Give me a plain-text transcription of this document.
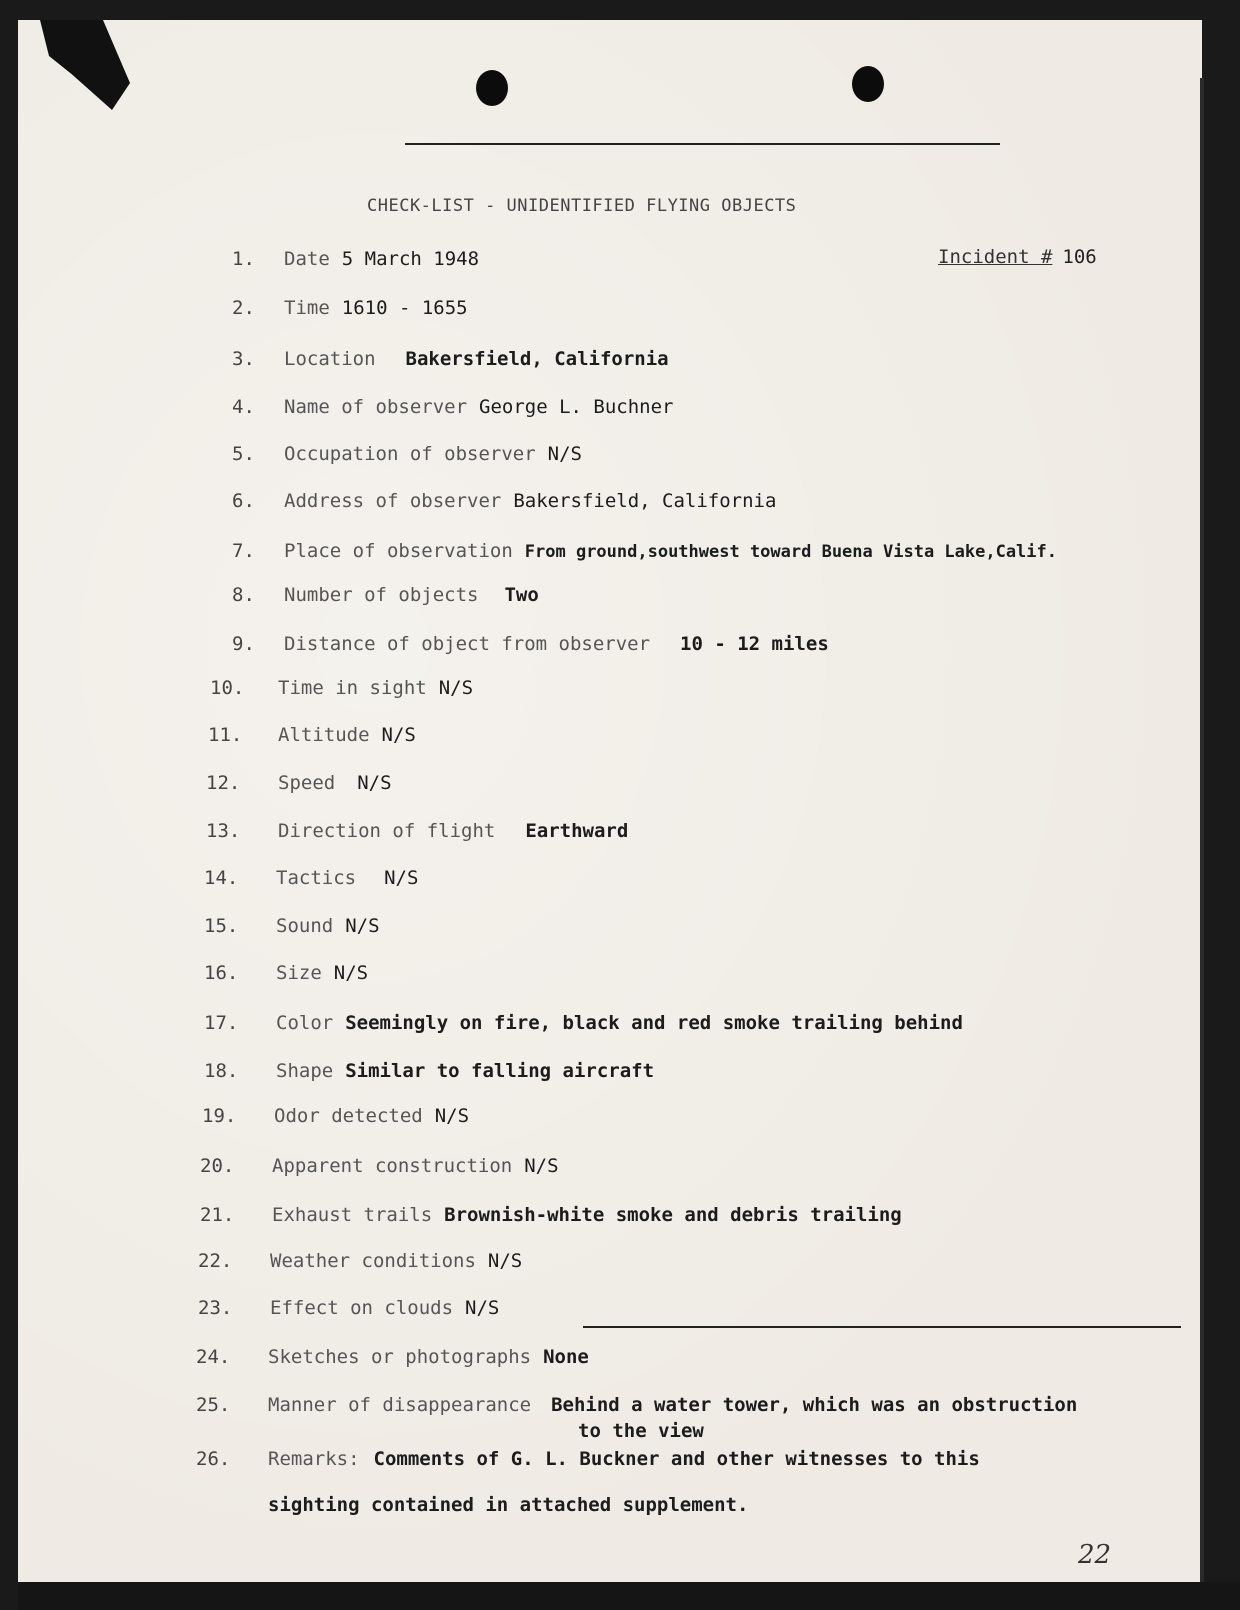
CHECK-LIST - UNIDENTIFIED FLYING OBJECTS
Incident # 106
1.	Date 5 March 1948
2.	Time 1610 - 1655
3.	Location Bakersfield, California
4.	Name of observer George L. Buchner
5.	Occupation of observer N/S
6.	Address of observer Bakersfield, California
7.	Place of observation From ground,southwest toward Buena Vista Lake,Calif.
8.	Number of objects Two
9.	Distance of object from observer 10 - 12 miles
10.	Time in sight N/S
11.	Altitude N/S
12.	Speed N/S
13.	Direction of flight Earthward
14.	Tactics N/S
15.	Sound N/S
16.	Size N/S
17.	Color Seemingly on fire, black and red smoke trailing behind
18.	Shape Similar to falling aircraft
19.	Odor detected N/S
20.	Apparent construction N/S
21.	Exhaust trails Brownish-white smoke and debris trailing
22.	Weather conditions N/S
23.	Effect on clouds N/S
24.	Sketches or photographs None
25.	Manner of disappearance Behind a water tower, which was an obstruction
to the view
26.	Remarks: Comments of G. L. Buckner and other witnesses to this
sighting contained in attached supplement.
22
